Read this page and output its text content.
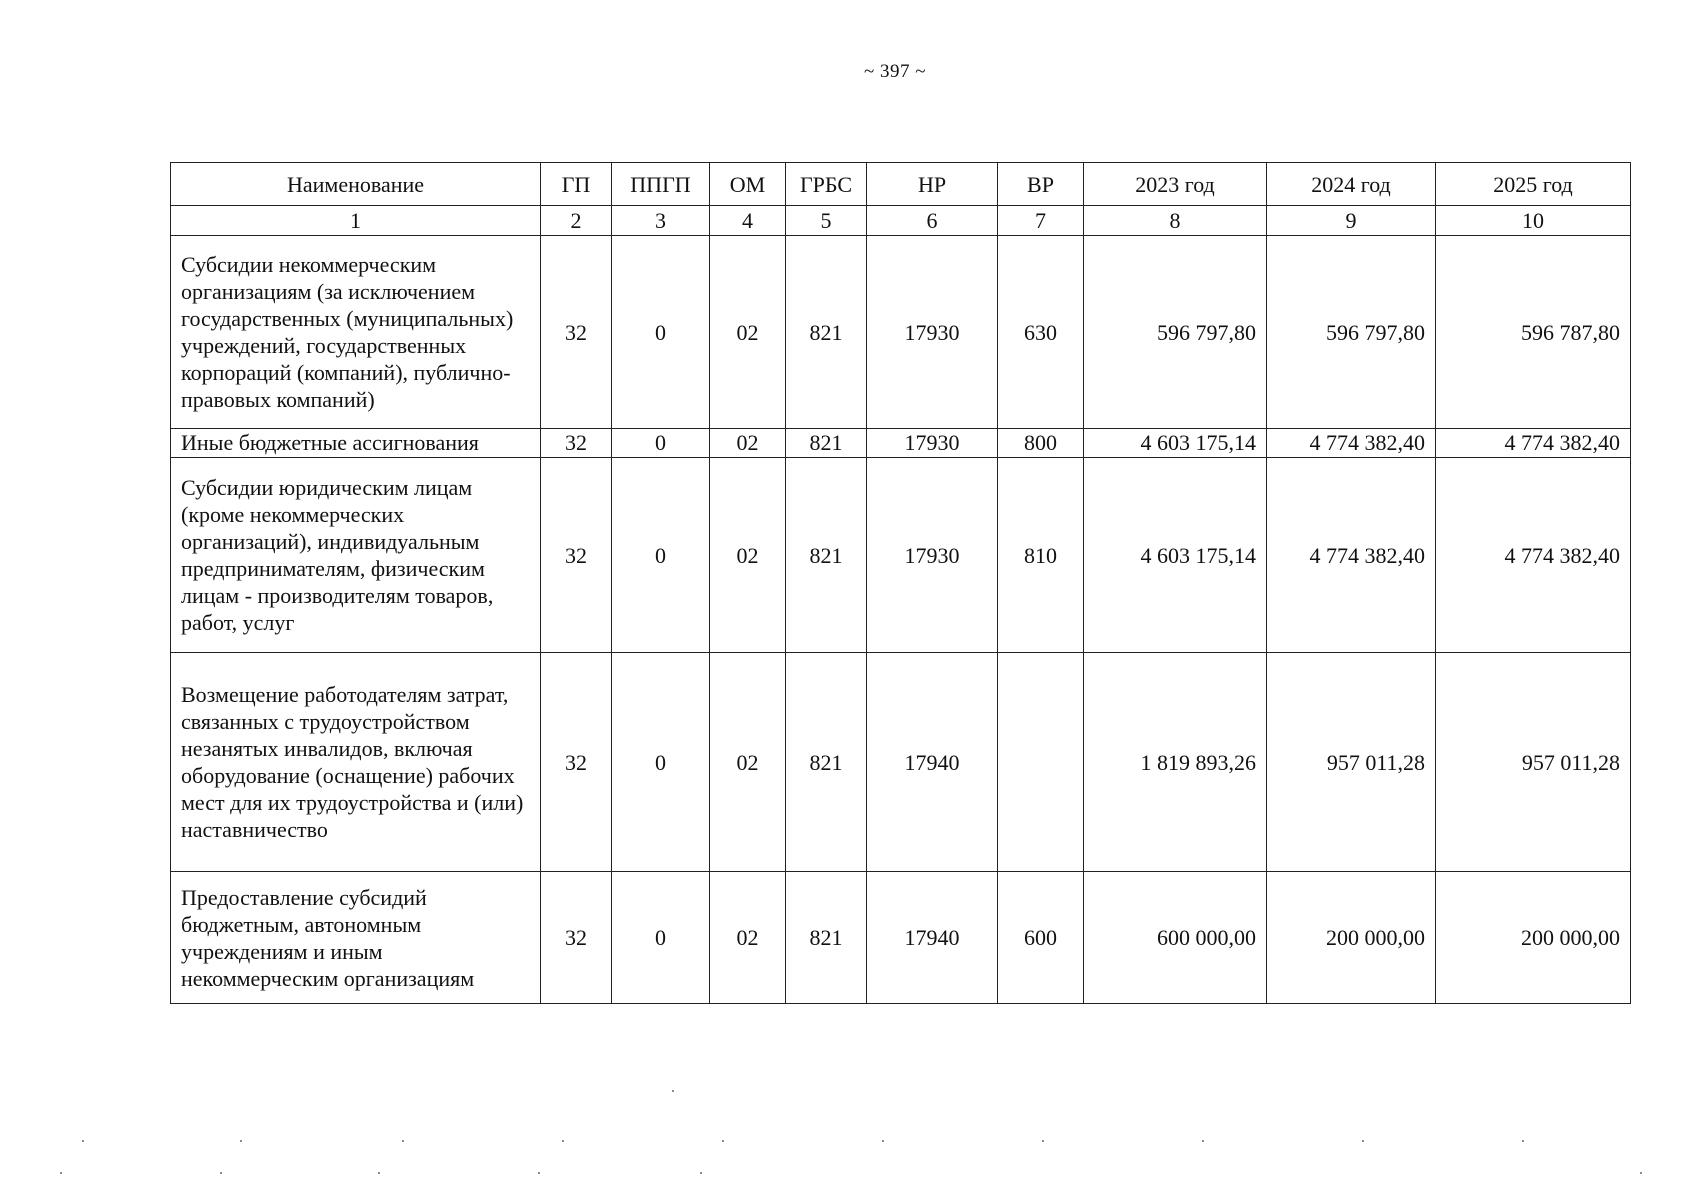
~ 397 ~
Наименование	ГП	ППГП	ОМ	ГРБС	НР	ВР	2023 год	2024 год	2025 год
1	2	3	4	5	6	7	8	9	10
Субсидии некоммерческим организациям (за исключением государственных (муниципальных) учреждений, государственных корпораций (компаний), публично-правовых компаний)	32	0	02	821	17930	630	596 797,80	596 797,80	596 787,80
Иные бюджетные ассигнования	32	0	02	821	17930	800	4 603 175,14	4 774 382,40	4 774 382,40
Субсидии юридическим лицам (кроме некоммерческих организаций), индивидуальным предпринимателям, физическим лицам - производителям товаров, работ, услуг	32	0	02	821	17930	810	4 603 175,14	4 774 382,40	4 774 382,40
Возмещение работодателям затрат, связанных с трудоустройством незанятых инвалидов, включая оборудование (оснащение) рабочих мест для их трудоустройства и (или) наставничество	32	0	02	821	17940		1 819 893,26	957 011,28	957 011,28
Предоставление субсидий бюджетным, автономным учреждениям и иным некоммерческим организациям	32	0	02	821	17940	600	600 000,00	200 000,00	200 000,00
